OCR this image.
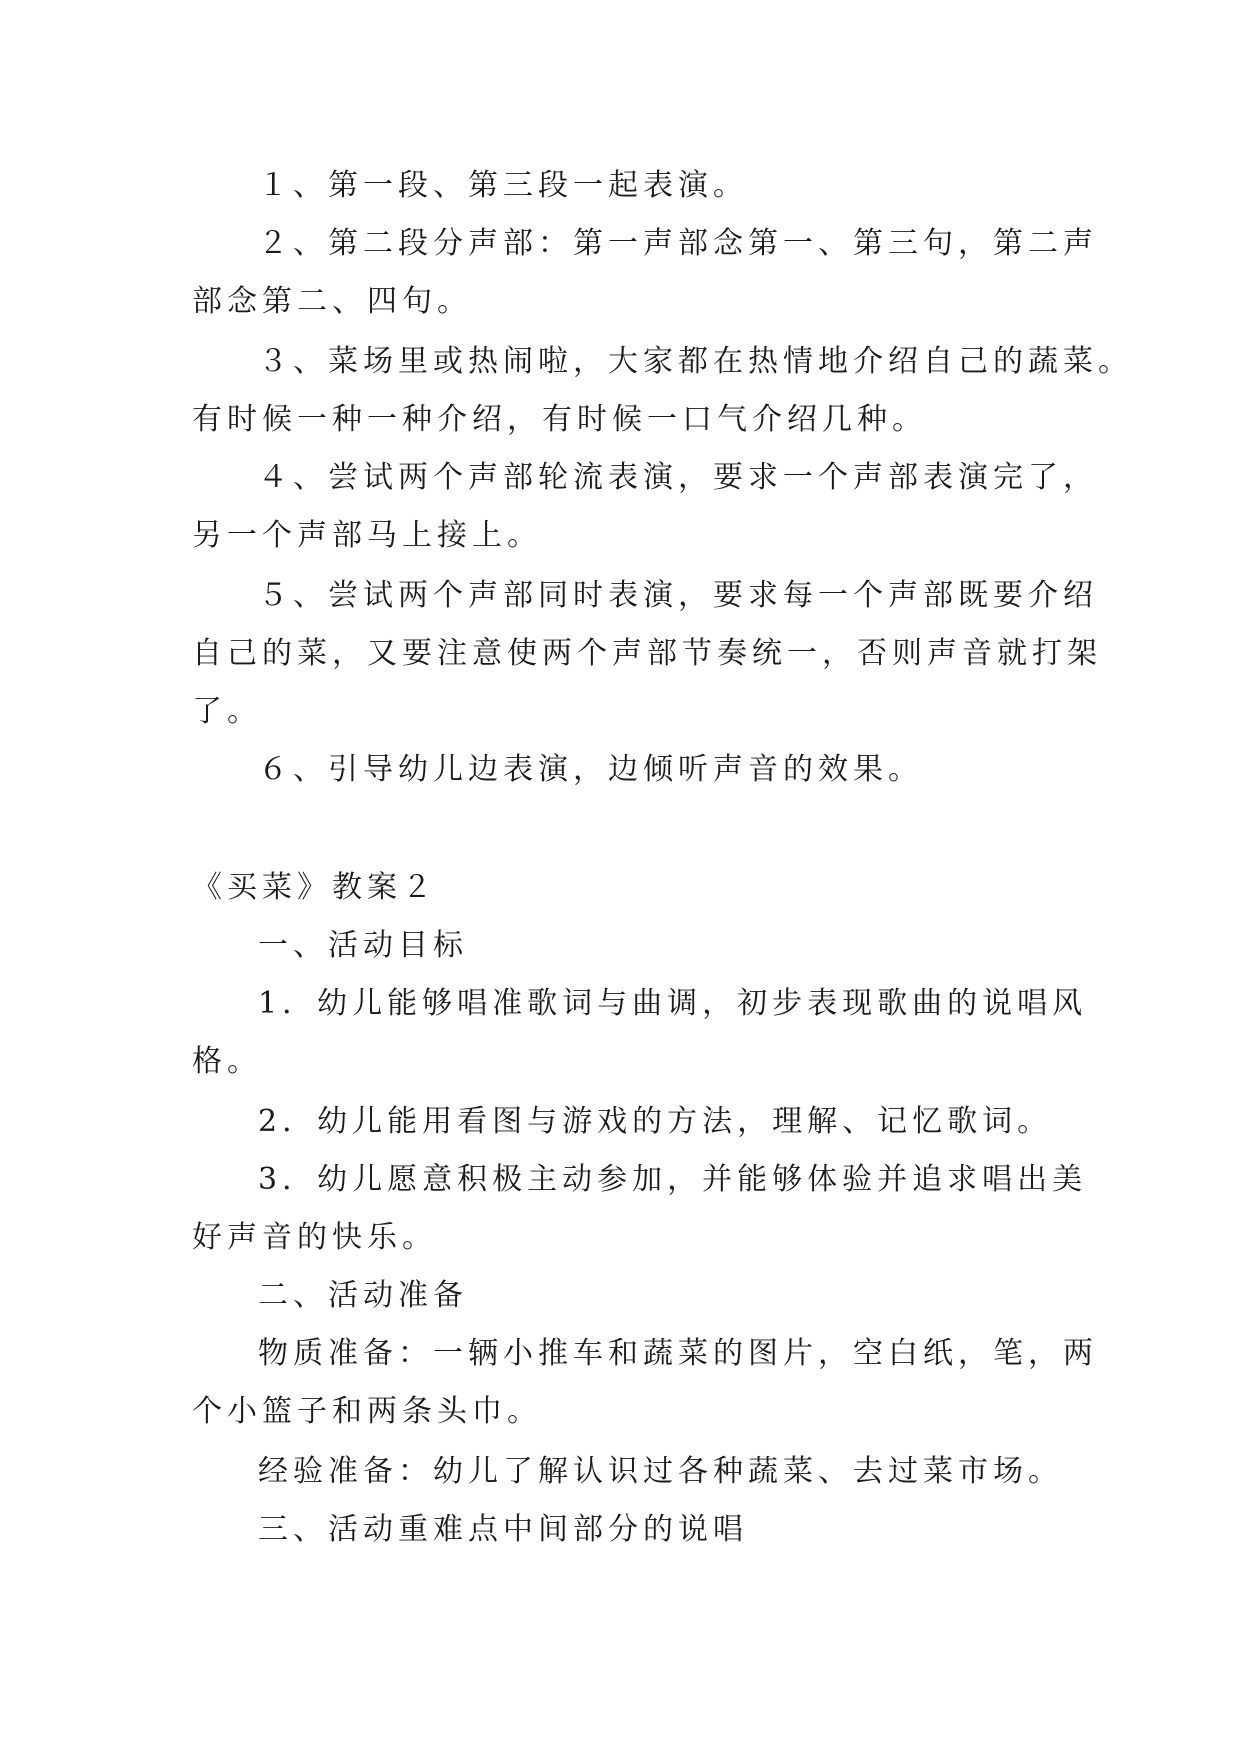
１、第一段、第三段一起表演。
２、第二段分声部：第一声部念第一、第三句，第二声
部念第二、四句。
３、菜场里或热闹啦，大家都在热情地介绍自己的蔬菜。
有时候一种一种介绍，有时候一口气介绍几种。
４、尝试两个声部轮流表演，要求一个声部表演完了，
另一个声部马上接上。
５、尝试两个声部同时表演，要求每一个声部既要介绍
自己的菜，又要注意使两个声部节奏统一，否则声音就打架
了。
６、引导幼儿边表演，边倾听声音的效果。
《买菜》教案２
一、活动目标
1．幼儿能够唱准歌词与曲调，初步表现歌曲的说唱风
格。
2．幼儿能用看图与游戏的方法，理解、记忆歌词。
3．幼儿愿意积极主动参加，并能够体验并追求唱出美
好声音的快乐。
二、活动准备
物质准备：一辆小推车和蔬菜的图片，空白纸，笔，两
个小篮子和两条头巾。
经验准备：幼儿了解认识过各种蔬菜、去过菜市场。
三、活动重难点中间部分的说唱
